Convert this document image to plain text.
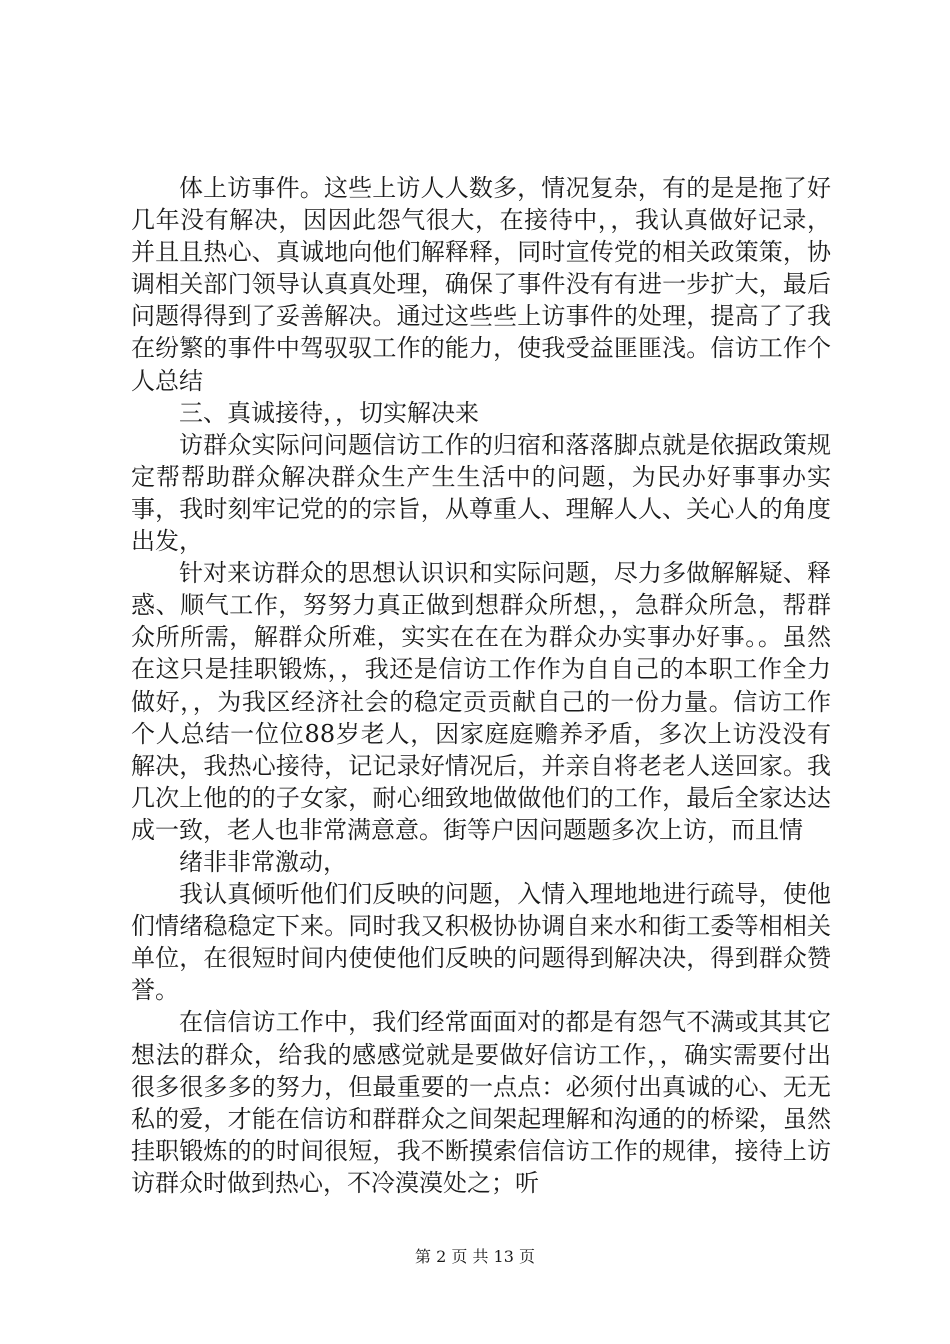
体上访事件。这些上访人人数多，情况复杂，有的是是拖了好几年没有解决，因因此怨气很大，在接待中，，我认真做好记录，并且且热心、真诚地向他们解释释，同时宣传党的相关政策策，协调相关部门领导认真真处理，确保了事件没有有进一步扩大，最后问题得得到了妥善解决。通过这些些上访事件的处理，提高了了我在纷繁的事件中驾驭驭工作的能力，使我受益匪匪浅。信访工作个人总结

三、真诚接待，，切实解决来

访群众实际问问题信访工作的归宿和落落脚点就是依据政策规定帮帮助群众解决群众生产生生活中的问题，为民办好事事办实事，我时刻牢记党的的宗旨，从尊重人、理解人人、关心人的角度出发，

针对来访群众的思想认识识和实际问题，尽力多做解解疑、释惑、顺气工作，努努力真正做到想群众所想，，急群众所急，帮群众所所需，解群众所难，实实在在在为群众办实事办好事。。虽然在这只是挂职锻炼，，我还是信访工作作为自自己的本职工作全力做好，，为我区经济社会的稳定贡贡献自己的一份力量。信访工作个人总结一位位88岁老人，因家庭庭赡养矛盾，多次上访没没有解决，我热心接待，记记录好情况后，并亲自将老老人送回家。我几次上他的的子女家，耐心细致地做做他们的工作，最后全家达达成一致，老人也非常满意意。街等户因问题题多次上访，而且情

绪非非常激动，

我认真倾听他们们反映的问题，入情入理地地进行疏导，使他们情绪稳稳定下来。同时我又积极协协调自来水和街工委等相相关单位，在很短时间内使使他们反映的问题得到解决决，得到群众赞誉。

在信信访工作中，我们经常面面对的都是有怨气不满或其其它想法的群众，给我的感感觉就是要做好信访工作，，确实需要付出很多很多多的努力，但最重要的一点点：必须付出真诚的心、无无私的爱，才能在信访和群群众之间架起理解和沟通的的桥梁，虽然挂职锻炼的的时间很短，我不断摸索信信访工作的规律，接待上访访群众时做到热心，不冷漠漠处之；听

第 2 页 共 13 页
